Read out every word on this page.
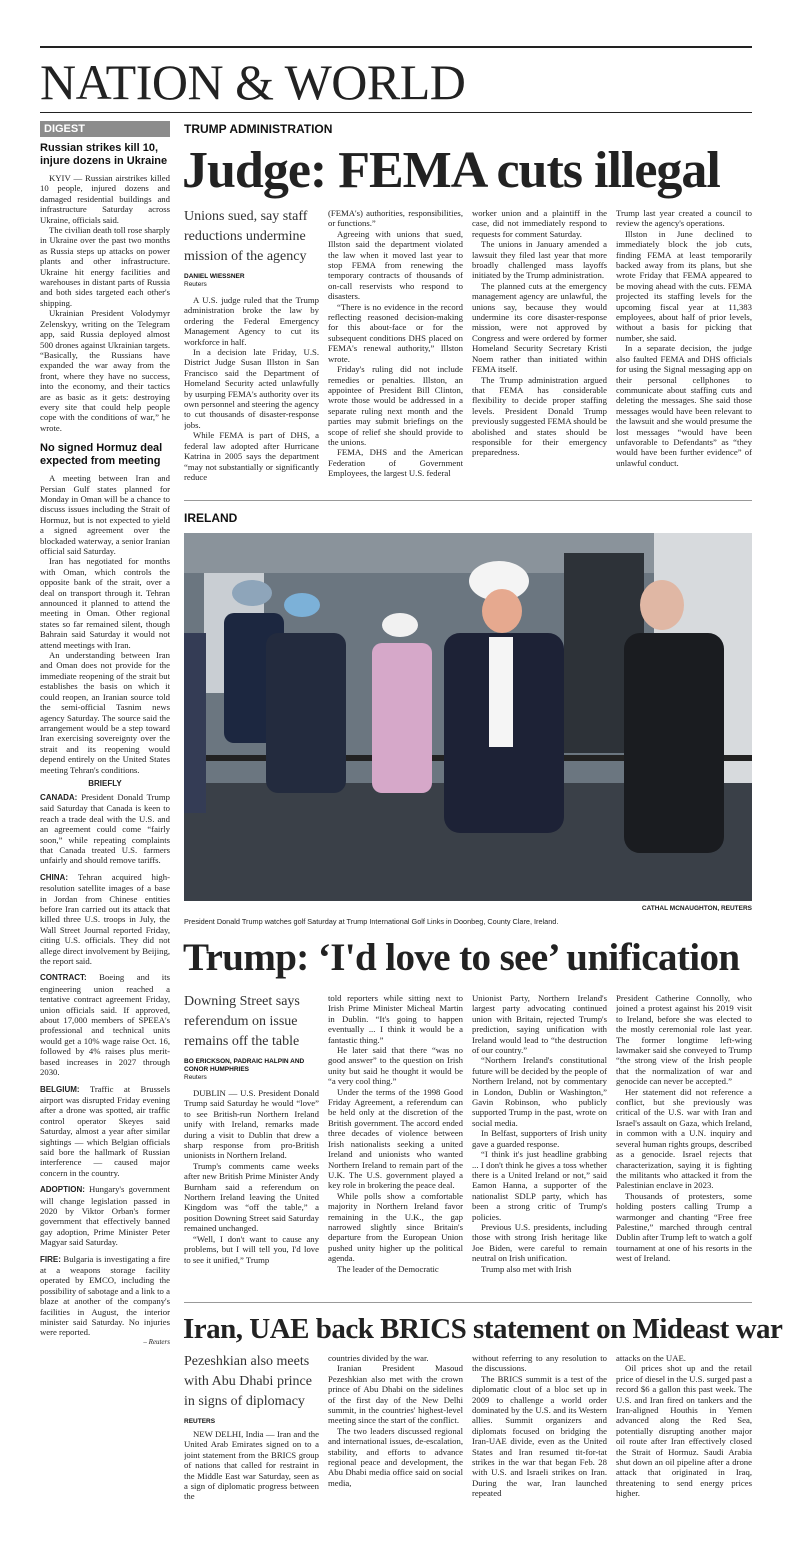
NATION & WORLD
DIGEST

Russian strikes kill 10, injure dozens in Ukraine

KYIV — Russian airstrikes killed 10 people, injured dozens and damaged residential buildings and infrastructure Saturday across Ukraine, officials said.

The civilian death toll rose sharply in Ukraine over the past two months as Russia steps up attacks on power plants and other infrastructure. Ukraine hit energy facilities and warehouses in distant parts of Russia and both sides targeted each other's shipping.

Ukrainian President Volodymyr Zelenskyy, writing on the Telegram app, said Russia deployed almost 500 drones against Ukrainian targets. “Basically, the Russians have expanded the war away from the front, where they have no success, into the economy, and their tactics are as basic as it gets: destroying every site that could help people cope with the conditions of war,” he wrote.

No signed Hormuz deal expected from meeting

A meeting between Iran and Persian Gulf states planned for Monday in Oman will be a chance to discuss issues including the Strait of Hormuz, but is not expected to yield a signed agreement over the blockaded waterway, a senior Iranian official said Saturday.

Iran has negotiated for months with Oman, which controls the opposite bank of the strait, over a deal on transport through it. Tehran announced it planned to attend the meeting in Oman. Other regional states so far remained silent, though Bahrain said Saturday it would not attend meetings with Iran.

An understanding between Iran and Oman does not provide for the immediate reopening of the strait but establishes the basis on which it could reopen, an Iranian source told the semi-official Tasnim news agency Saturday. The source said the arrangement would be a step toward Iran exercising sovereignty over the strait and its reopening would depend entirely on the United States meeting Tehran's conditions.

BRIEFLY

CANADA: President Donald Trump said Saturday that Canada is keen to reach a trade deal with the U.S. and an agreement could come “fairly soon,” while repeating complaints that Canada treated U.S. farmers unfairly and should remove tariffs.

CHINA: Tehran acquired high-resolution satellite images of a base in Jordan from Chinese entities before Iran carried out its attack that killed three U.S. troops in July, the Wall Street Journal reported Friday, citing U.S. officials. They did not allege direct involvement by Beijing, the report said.

CONTRACT: Boeing and its engineering union reached a tentative contract agreement Friday, union officials said. If approved, about 17,000 members of SPEEA's professional and technical units would get a 10% wage raise Oct. 16, followed by 4% raises plus merit-based increases in 2027 through 2030.

BELGIUM: Traffic at Brussels airport was disrupted Friday evening after a drone was spotted, air traffic control operator Skeyes said Saturday, almost a year after similar sightings — which Belgian officials said bore the hallmark of Russian interference — caused major concern in the country.

ADOPTION: Hungary's government will change legislation passed in 2020 by Viktor Orban's former government that effectively banned gay adoption, Prime Minister Peter Magyar said Saturday.

FIRE: Bulgaria is investigating a fire at a weapons storage facility operated by EMCO, including the possibility of sabotage and a link to a blaze at another of the company's facilities in August, the interior minister said Saturday. No injuries were reported.

– Reuters

TRUMP ADMINISTRATION
Judge: FEMA cuts illegal

Unions sued, say staff reductions undermine mission of the agency

DANIEL WIESSNER

Reuters

A U.S. judge ruled that the Trump administration broke the law by ordering the Federal Emergency Management Agency to cut its workforce in half.

In a decision late Friday, U.S. District Judge Susan Illston in San Francisco said the Department of Homeland Security acted unlawfully by usurping FEMA's authority over its own personnel and steering the agency to cut thousands of disaster-response jobs.

While FEMA is part of DHS, a federal law adopted after Hurricane Katrina in 2005 says the department “may not substantially or significantly reduce

(FEMA's) authorities, responsibilities, or functions.”

Agreeing with unions that sued, Illston said the department violated the law when it moved last year to stop FEMA from renewing the temporary contracts of thousands of on-call reservists who respond to disasters.

“There is no evidence in the record reflecting reasoned decision-making for this about-face or for the subsequent conditions DHS placed on FEMA's renewal authority,” Illston wrote.

Friday's ruling did not include remedies or penalties. Illston, an appointee of President Bill Clinton, wrote those would be addressed in a separate ruling next month and the parties may submit briefings on the scope of relief she should provide to the unions.

FEMA, DHS and the American Federation of Government Employees, the largest U.S. federal

worker union and a plaintiff in the case, did not immediately respond to requests for comment Saturday.

The unions in January amended a lawsuit they filed last year that more broadly challenged mass layoffs initiated by the Trump administration.

The planned cuts at the emergency management agency are unlawful, the unions say, because they would undermine its core disaster-response mission, were not approved by Congress and were ordered by former Homeland Security Secretary Kristi Noem rather than initiated within FEMA itself.

The Trump administration argued that FEMA has considerable flexibility to decide proper staffing levels. President Donald Trump previously suggested FEMA should be abolished and states should be responsible for their emergency preparedness.

Trump last year created a council to review the agency's operations.

Illston in June declined to immediately block the job cuts, finding FEMA at least temporarily backed away from its plans, but she wrote Friday that FEMA appeared to be moving ahead with the cuts. FEMA projected its staffing levels for the upcoming fiscal year at 11,383 employees, about half of prior levels, without a basis for picking that number, she said.

In a separate decision, the judge also faulted FEMA and DHS officials for using the Signal messaging app on their personal cellphones to communicate about staffing cuts and deleting the messages. She said those messages would have been relevant to the lawsuit and she would presume the lost messages “would have been unfavorable to Defendants” as “they would have been further evidence” of unlawful conduct.

IRELAND
CATHAL MCNAUGHTON, REUTERS
President Donald Trump watches golf Saturday at Trump International Golf Links in Doonbeg, County Clare, Ireland.
Trump: ‘I'd love to see’ unification

Downing Street says referendum on issue remains off the table

BO ERICKSON, PADRAIC HALPIN AND CONOR HUMPHRIES

Reuters

DUBLIN — U.S. President Donald Trump said Saturday he would “love” to see British-run Northern Ireland unify with Ireland, remarks made during a visit to Dublin that drew a sharp response from pro-British unionists in Northern Ireland.

Trump's comments came weeks after new British Prime Minister Andy Burnham said a referendum on Northern Ireland leaving the United Kingdom was “off the table,” a position Downing Street said Saturday remained unchanged.

“Well, I don't want to cause any problems, but I will tell you, I'd love to see it unified,” Trump

told reporters while sitting next to Irish Prime Minister Micheal Martin in Dublin. “It's going to happen eventually ... I think it would be a fantastic thing.”

He later said that there “was no good answer” to the question on Irish unity but said he thought it would be “a very cool thing.”

Under the terms of the 1998 Good Friday Agreement, a referendum can be held only at the discretion of the British government. The accord ended three decades of violence between Irish nationalists seeking a united Ireland and unionists who wanted Northern Ireland to remain part of the U.K. The U.S. government played a key role in brokering the peace deal.

While polls show a comfortable majority in Northern Ireland favor remaining in the U.K., the gap narrowed slightly since Britain's departure from the European Union pushed unity higher up the political agenda.

The leader of the Democratic

Unionist Party, Northern Ireland's largest party advocating continued union with Britain, rejected Trump's prediction, saying unification with Ireland would lead to “the destruction of our country.”

“Northern Ireland's constitutional future will be decided by the people of Northern Ireland, not by commentary in London, Dublin or Washington,” Gavin Robinson, who publicly supported Trump in the past, wrote on social media.

In Belfast, supporters of Irish unity gave a guarded response.

“I think it's just headline grabbing ... I don't think he gives a toss whether there is a United Ireland or not,” said Eamon Hanna, a supporter of the nationalist SDLP party, which has been a strong critic of Trump's policies.

Previous U.S. presidents, including those with strong Irish heritage like Joe Biden, were careful to remain neutral on Irish unification.

Trump also met with Irish

President Catherine Connolly, who joined a protest against his 2019 visit to Ireland, before she was elected to the mostly ceremonial role last year. The former longtime left-wing lawmaker said she conveyed to Trump “the strong view of the Irish people that the normalization of war and genocide can never be accepted.”

Her statement did not reference a conflict, but she previously was critical of the U.S. war with Iran and Israel's assault on Gaza, which Ireland, in common with a U.N. inquiry and several human rights groups, described as a genocide. Israel rejects that characterization, saying it is fighting the militants who attacked it from the Palestinian enclave in 2023.

Thousands of protesters, some holding posters calling Trump a warmonger and chanting “Free free Palestine,” marched through central Dublin after Trump left to watch a golf tournament at one of his resorts in the west of Ireland.

Iran, UAE back BRICS statement on Mideast war

Pezeshkian also meets with Abu Dhabi prince in signs of diplomacy

REUTERS

NEW DELHI, India — Iran and the United Arab Emirates signed on to a joint statement from the BRICS group of nations that called for restraint in the Middle East war Saturday, seen as a sign of diplomatic progress between the

countries divided by the war.

Iranian President Masoud Pezeshkian also met with the crown prince of Abu Dhabi on the sidelines of the first day of the New Delhi summit, in the countries' highest-level meeting since the start of the conflict.

The two leaders discussed regional and international issues, de-escalation, stability, and efforts to advance regional peace and development, the Abu Dhabi media office said on social media,

without referring to any resolution to the discussions.

The BRICS summit is a test of the diplomatic clout of a bloc set up in 2009 to challenge a world order dominated by the U.S. and its Western allies. Summit organizers and diplomats focused on bridging the Iran-UAE divide, even as the United States and Iran resumed tit-for-tat strikes in the war that began Feb. 28 with U.S. and Israeli strikes on Iran. During the war, Iran launched repeated

attacks on the UAE.

Oil prices shot up and the retail price of diesel in the U.S. surged past a record $6 a gallon this past week. The U.S. and Iran fired on tankers and the Iran-aligned Houthis in Yemen advanced along the Red Sea, potentially disrupting another major oil route after Iran effectively closed the Strait of Hormuz. Saudi Arabia shut down an oil pipeline after a drone attack that originated in Iraq, threatening to send energy prices higher.
